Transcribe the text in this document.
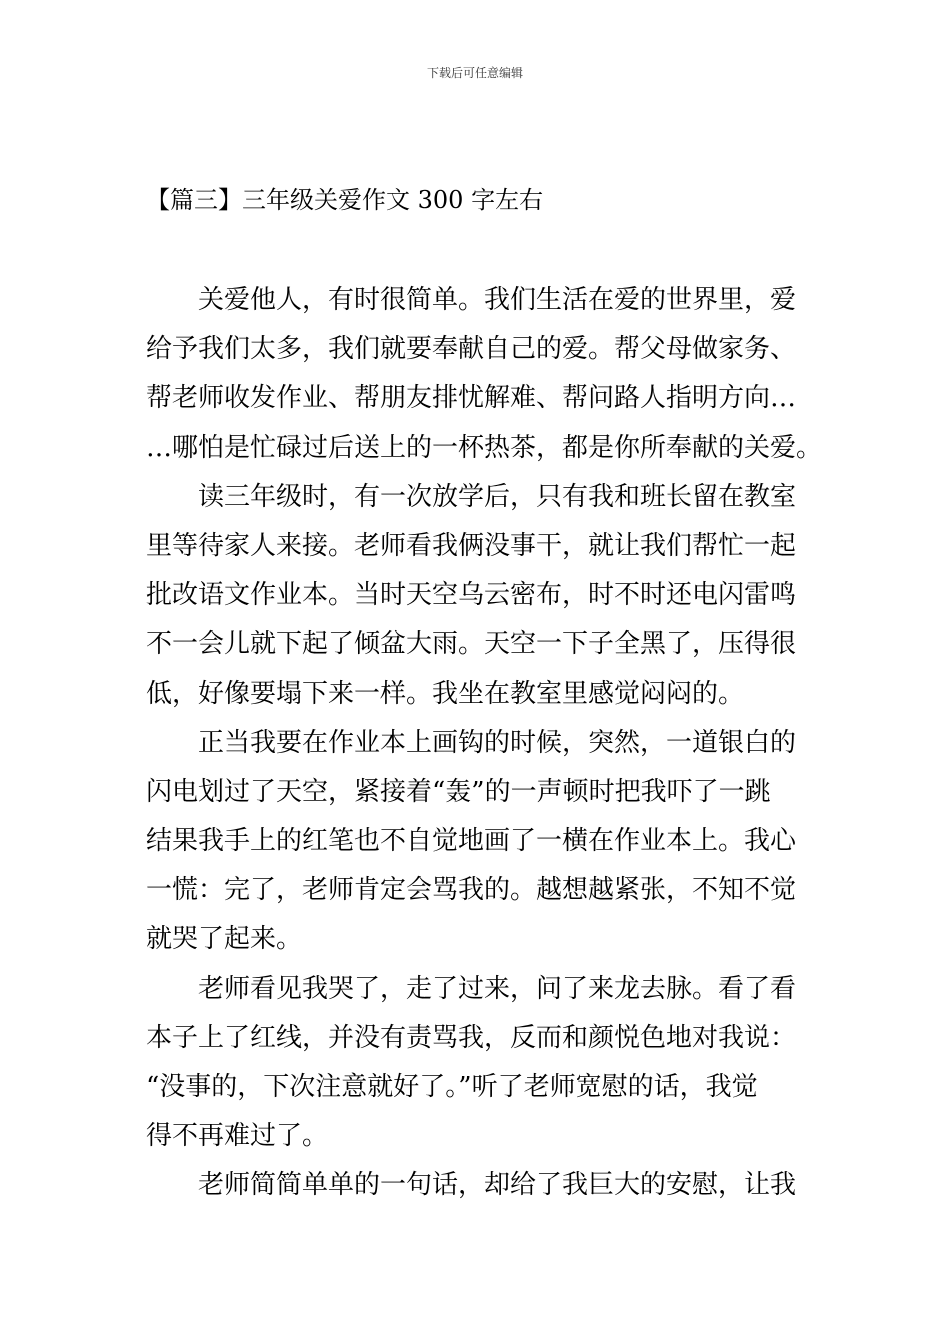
下载后可任意编辑
【篇三】三年级关爱作文 300 字左右
关爱他人，有时很简单。我们生活在爱的世界里，爱
给予我们太多，我们就要奉献自己的爱。帮父母做家务、
帮老师收发作业、帮朋友排忧解难、帮问路人指明方向…
…哪怕是忙碌过后送上的一杯热茶，都是你所奉献的关爱。
读三年级时，有一次放学后，只有我和班长留在教室
里等待家人来接。老师看我俩没事干，就让我们帮忙一起
批改语文作业本。当时天空乌云密布，时不时还电闪雷鸣
不一会儿就下起了倾盆大雨。天空一下子全黑了，压得很
低，好像要塌下来一样。我坐在教室里感觉闷闷的。
正当我要在作业本上画钩的时候，突然，一道银白的
闪电划过了天空，紧接着“轰”的一声顿时把我吓了一跳
结果我手上的红笔也不自觉地画了一横在作业本上。我心
一慌：完了，老师肯定会骂我的。越想越紧张，不知不觉
就哭了起来。
老师看见我哭了，走了过来，问了来龙去脉。看了看
本子上了红线，并没有责骂我，反而和颜悦色地对我说：
“没事的，下次注意就好了。”听了老师宽慰的话，我觉
得不再难过了。
老师简简单单的一句话，却给了我巨大的安慰，让我
